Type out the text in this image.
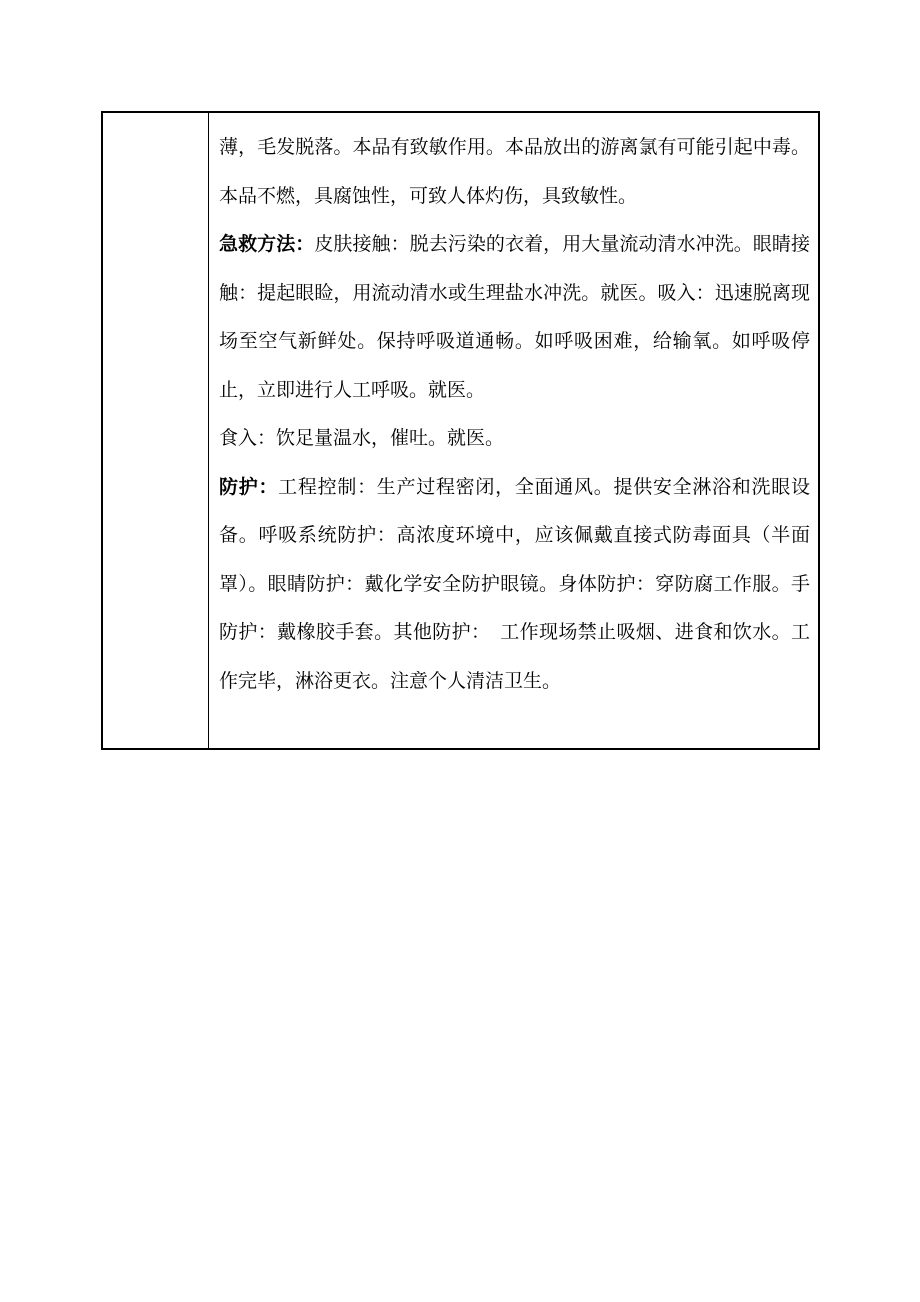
薄，毛发脱落。本品有致敏作用。本品放出的游离氯有可能引起中毒。本品不燃，具腐蚀性，可致人体灼伤，具致敏性。

急救方法：皮肤接触：脱去污染的衣着，用大量流动清水冲洗。眼睛接触：提起眼睑，用流动清水或生理盐水冲洗。就医。吸入：迅速脱离现场至空气新鲜处。保持呼吸道通畅。如呼吸困难，给输氧。如呼吸停止，立即进行人工呼吸。就医。

食入：饮足量温水，催吐。就医。

防护：工程控制：生产过程密闭，全面通风。提供安全淋浴和洗眼设备。呼吸系统防护：高浓度环境中，应该佩戴直接式防毒面具（半面罩）。眼睛防护：戴化学安全防护眼镜。身体防护：穿防腐工作服。手防护：戴橡胶手套。其他防护：　工作现场禁止吸烟、进食和饮水。工作完毕，淋浴更衣。注意个人清洁卫生。
